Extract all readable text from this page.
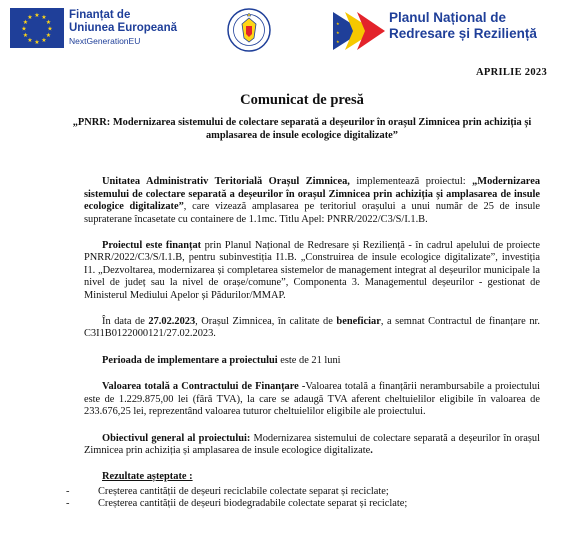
★ ★
★
★
★
★
★
★
★
★
★
★	Finanțat de
Uniunea Europeană
NextGenerationEU
★
★
★
Planul Național de
Redresare și Reziliență
APRILIE 2023
Comunicat de presă
„PNRR: Modernizarea sistemului de colectare separată a deșeurilor în orașul Zimnicea prin achiziția și amplasarea de insule ecologice digitalizate”

Unitatea Administrativ Teritorială Orașul Zimnicea, implementează proiectul: „Modernizarea sistemului de colectare separată a deșeurilor în orașul Zimnicea prin achiziția și amplasarea de insule ecologice digitalizate”, care vizează amplasarea pe teritoriul orașului a unui număr de 25 de insule supraterane încasetate cu containere de 1.1mc. Titlu Apel: PNRR/2022/C3/S/I.1.B.

Proiectul este finanțat prin Planul Național de Redresare și Reziliență - în cadrul apelului de proiecte PNRR/2022/C3/S/I.1.B, pentru subinvestiția I1.B. „Construirea de insule ecologice digitalizate”, investiția I1. „Dezvoltarea, modernizarea și completarea sistemelor de management integrat al deșeurilor municipale la nivel de județ sau la nivel de orașe/comune”, Componenta 3. Managementul deșeurilor - gestionat de Ministerul Mediului Apelor și Pădurilor/MMAP.

În data de 27.02.2023, Orașul Zimnicea, în calitate de beneficiar, a semnat Contractul de finanțare nr. C3I1B0122000121/27.02.2023.

Perioada de implementare a proiectului este de 21 luni

Valoarea totală a Contractului de Finanțare -Valoarea totală a finanțării nerambursabile a proiectului este de 1.229.875,00 lei (fără TVA), la care se adaugă TVA aferent cheltuielilor eligibile în valoarea de 233.676,25 lei, reprezentând valoarea tuturor cheltuielilor eligibile ale proiectului.

Obiectivul general al proiectului: Modernizarea sistemului de colectare separată a deșeurilor în orașul Zimnicea prin achiziția și amplasarea de insule ecologice digitalizate.

Rezultate așteptate :

-	Creșterea cantității de deșeuri reciclabile colectate separat și reciclate;
-	Creșterea cantității de deșeuri biodegradabile colectate separat și reciclate;
